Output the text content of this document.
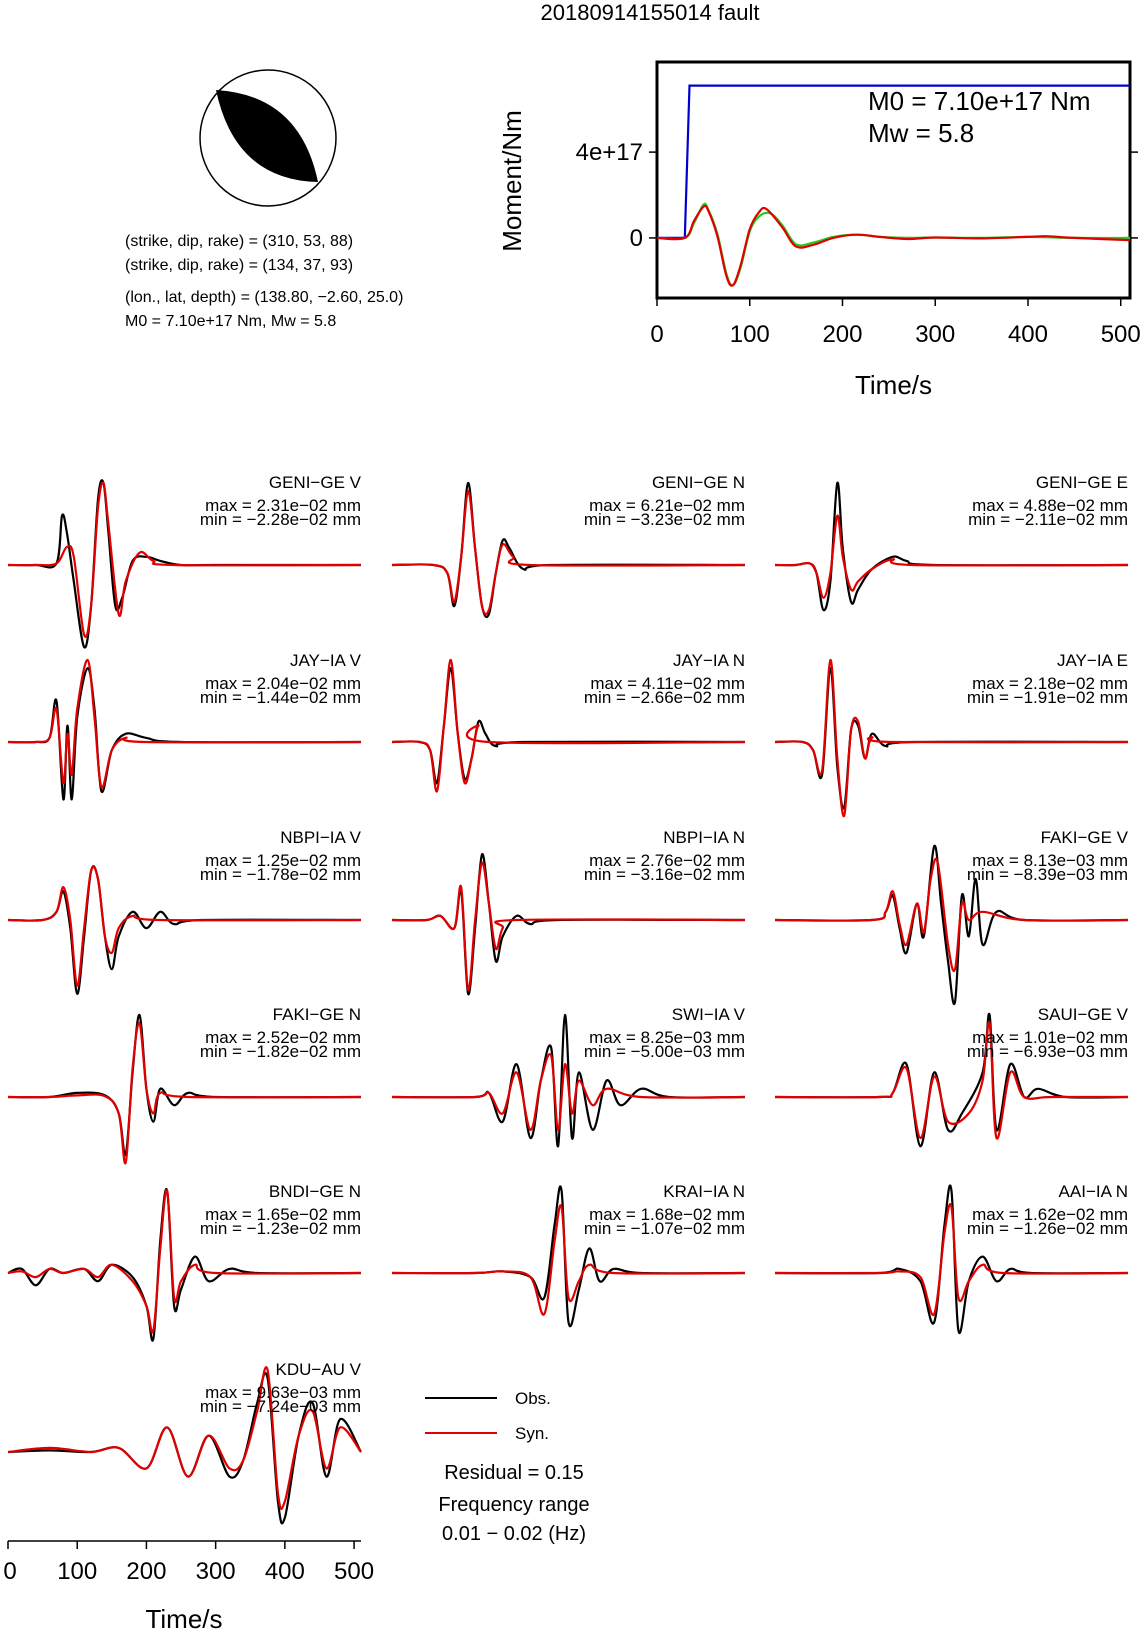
20180914155014 fault
(strike, dip, rake) = (310, 53, 88)
(strike, dip, rake) = (134, 37, 93)
(lon., lat, depth) = (138.80, −2.60, 25.0)
M0 = 7.10e+17 Nm, Mw = 5.8	0	100 200 300 400 500
0
4e+17
Moment/Nm
Time/s
M0 = 7.10e+17 Nm
Mw = 5.8
GENI−GE V
max = 2.31e−02 mm
min = −2.28e−02 mm
GENI−GE N
max = 6.21e−02 mm
min = −3.23e−02 mm
GENI−GE E
max = 4.88e−02 mm
min = −2.11e−02 mm
JAY−IA V
max = 2.04e−02 mm
min = −1.44e−02 mm
JAY−IA N
max = 4.11e−02 mm
min = −2.66e−02 mm
JAY−IA E
max = 2.18e−02 mm
min = −1.91e−02 mm
NBPI−IA V
max = 1.25e−02 mm
min = −1.78e−02 mm
NBPI−IA N
max = 2.76e−02 mm
min = −3.16e−02 mm
FAKI−GE V
max = 8.13e−03 mm
min = −8.39e−03 mm
FAKI−GE N
max = 2.52e−02 mm
min = −1.82e−02 mm
SWI−IA V
max = 8.25e−03 mm
min = −5.00e−03 mm
SAUI−GE V
max = 1.01e−02 mm
min = −6.93e−03 mm
BNDI−GE N
max = 1.65e−02 mm
min = −1.23e−02 mm
KRAI−IA N
max = 1.68e−02 mm
min = −1.07e−02 mm
AAI−IA N
max = 1.62e−02 mm
min = −1.26e−02 mm
KDU−AU V
max = 9.63e−03 mm
min = −7.24e−03 mm
0 100 200 300 400 500
Time/s
Obs.
Syn.
Residual = 0.15
Frequency range
0.01 − 0.02 (Hz)
